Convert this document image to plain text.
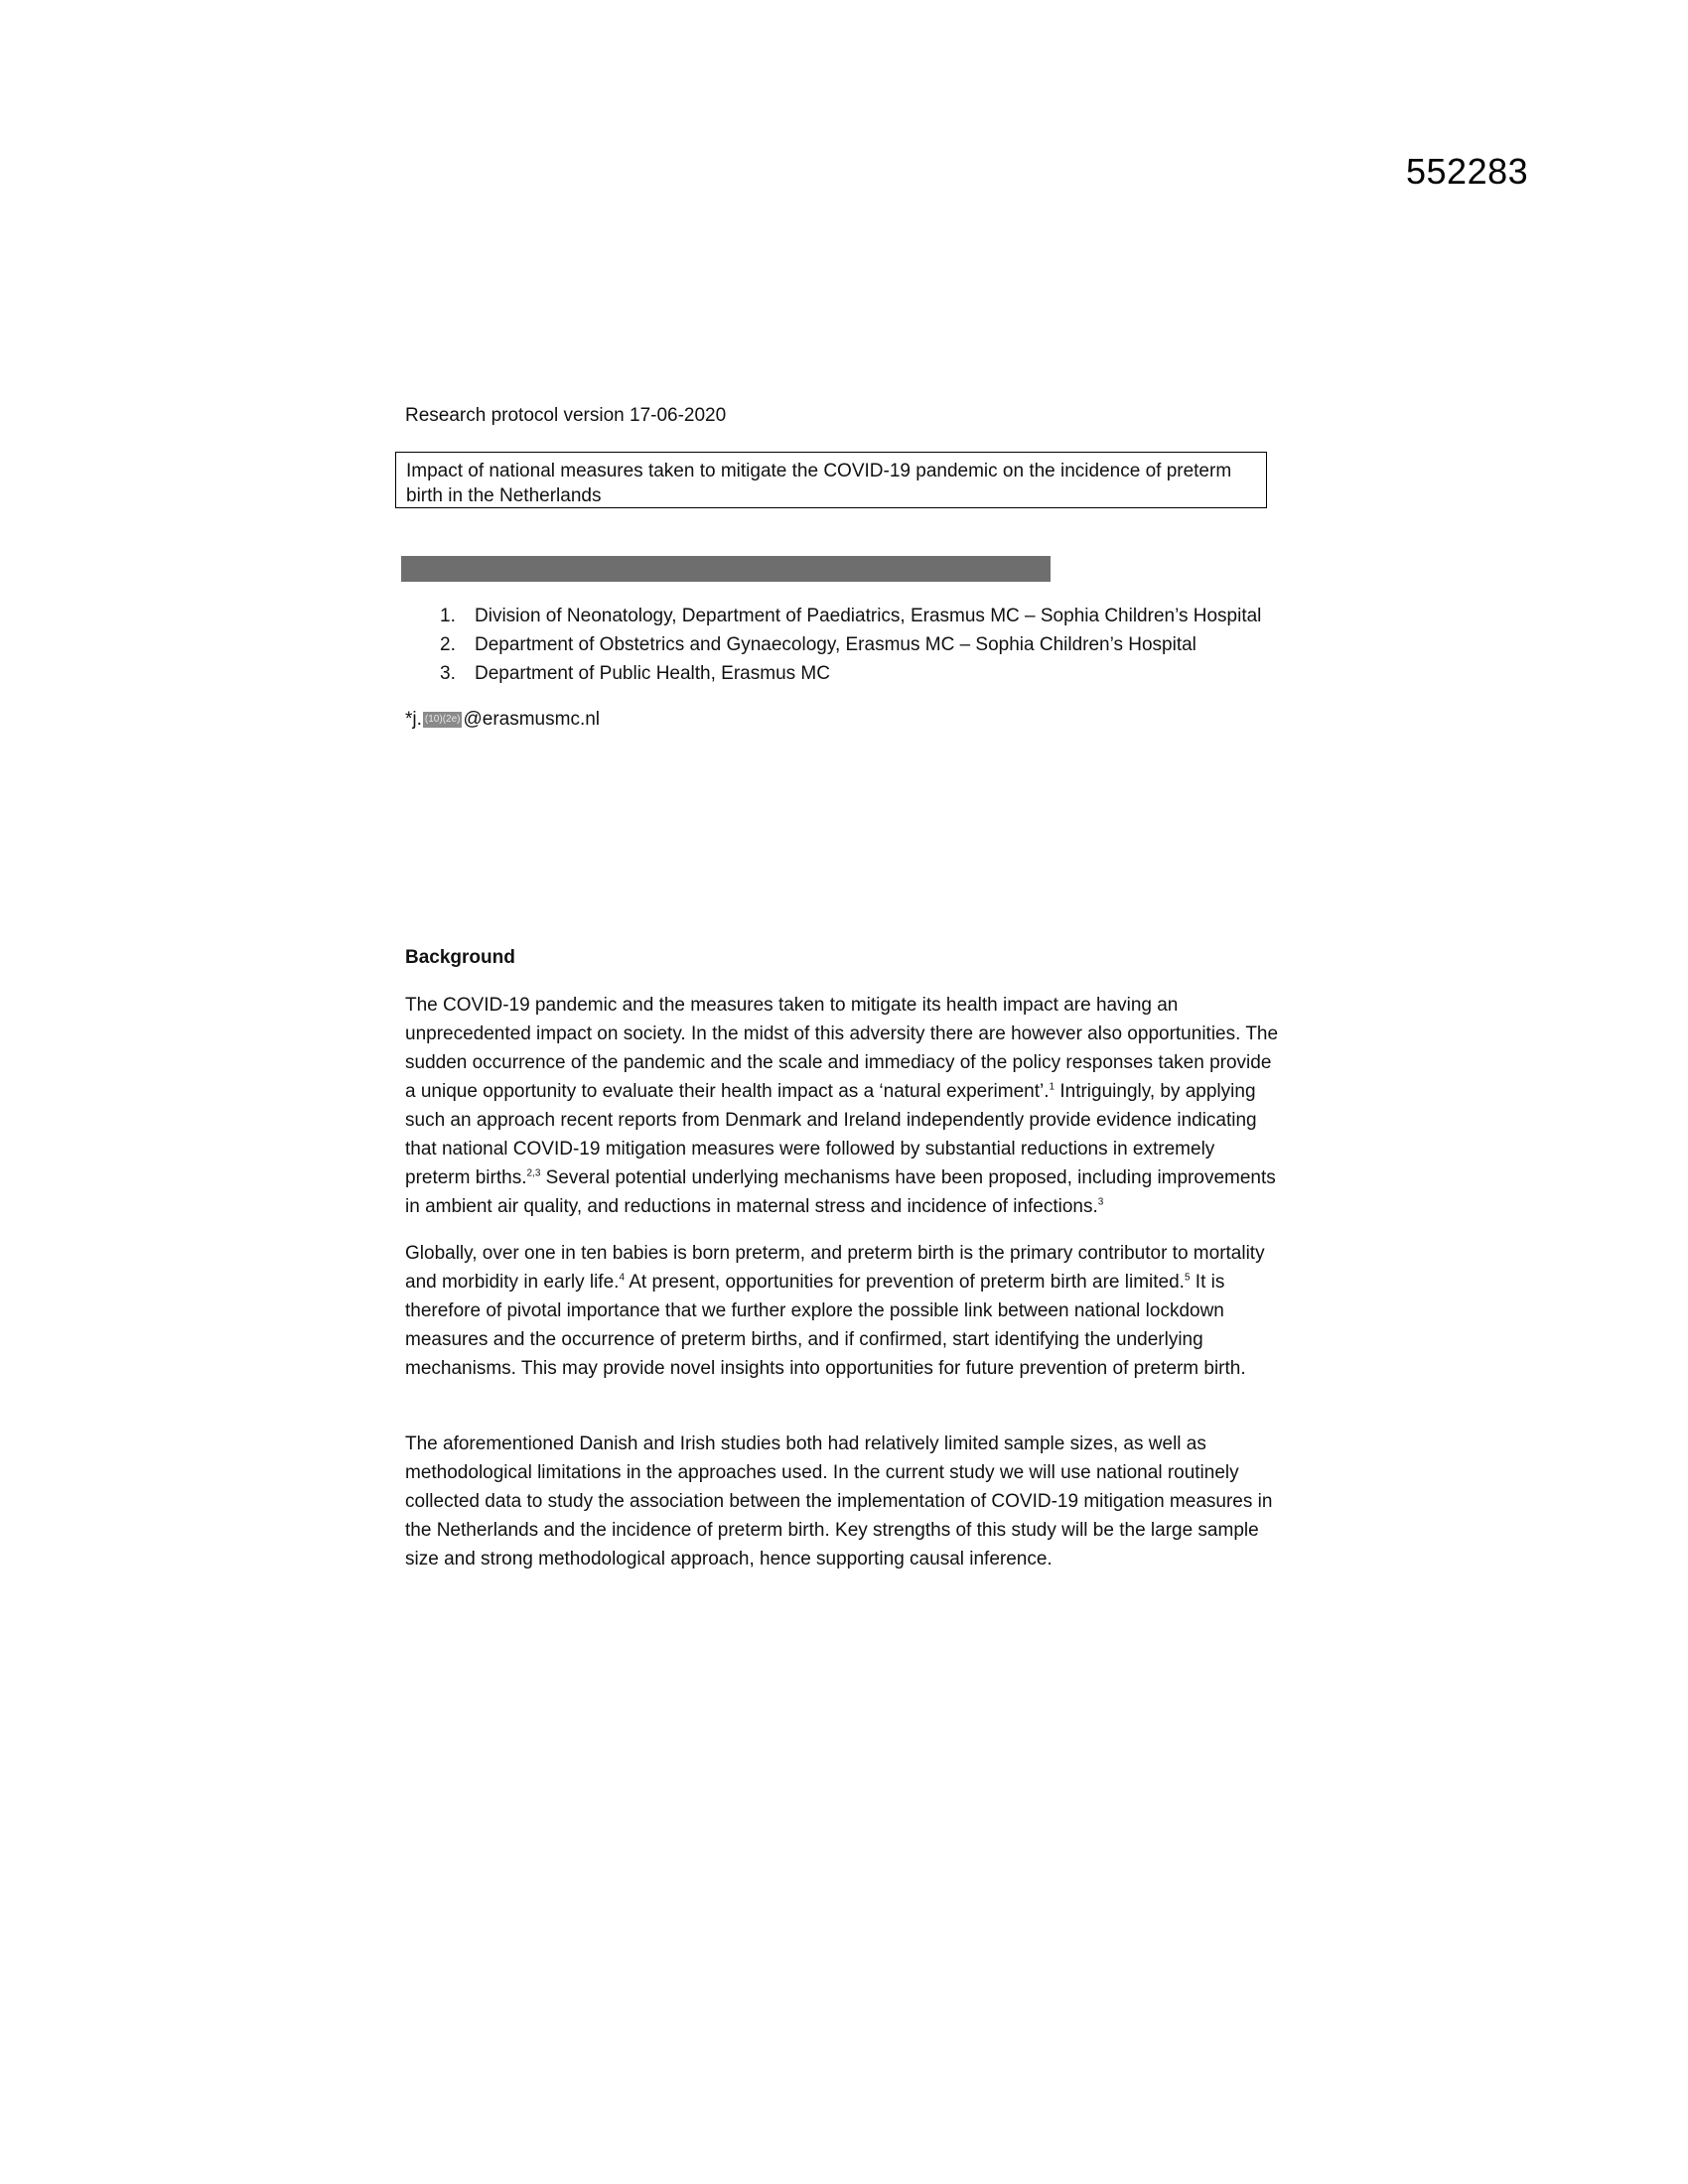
552283
Research protocol version 17-06-2020
Impact of national measures taken to mitigate the COVID-19 pandemic on the incidence of preterm birth in the Netherlands
1.	Division of Neonatology, Department of Paediatrics, Erasmus MC – Sophia Children’s Hospital
2.	Department of Obstetrics and Gynaecology, Erasmus MC – Sophia Children’s Hospital
3.	Department of Public Health, Erasmus MC
*j. (10)(2e) @erasmusmc.nl
Background

The COVID-19 pandemic and the measures taken to mitigate its health impact are having an unprecedented impact on society. In the midst of this adversity there are however also opportunities. The sudden occurrence of the pandemic and the scale and immediacy of the policy responses taken provide a unique opportunity to evaluate their health impact as a ‘natural experiment’.$^1$ Intriguingly, by applying such an approach recent reports from Denmark and Ireland independently provide evidence indicating that national COVID-19 mitigation measures were followed by substantial reductions in extremely preterm births.$^{2,3}$ Several potential underlying mechanisms have been proposed, including improvements in ambient air quality, and reductions in maternal stress and incidence of infections.$^3$

Globally, over one in ten babies is born preterm, and preterm birth is the primary contributor to mortality and morbidity in early life.$^4$ At present, opportunities for prevention of preterm birth are limited.$^5$ It is therefore of pivotal importance that we further explore the possible link between national lockdown measures and the occurrence of preterm births, and if confirmed, start identifying the underlying mechanisms. This may provide novel insights into opportunities for future prevention of preterm birth.

The aforementioned Danish and Irish studies both had relatively limited sample sizes, as well as methodological limitations in the approaches used. In the current study we will use national routinely collected data to study the association between the implementation of COVID-19 mitigation measures in the Netherlands and the incidence of preterm birth. Key strengths of this study will be the large sample size and strong methodological approach, hence supporting causal inference.
